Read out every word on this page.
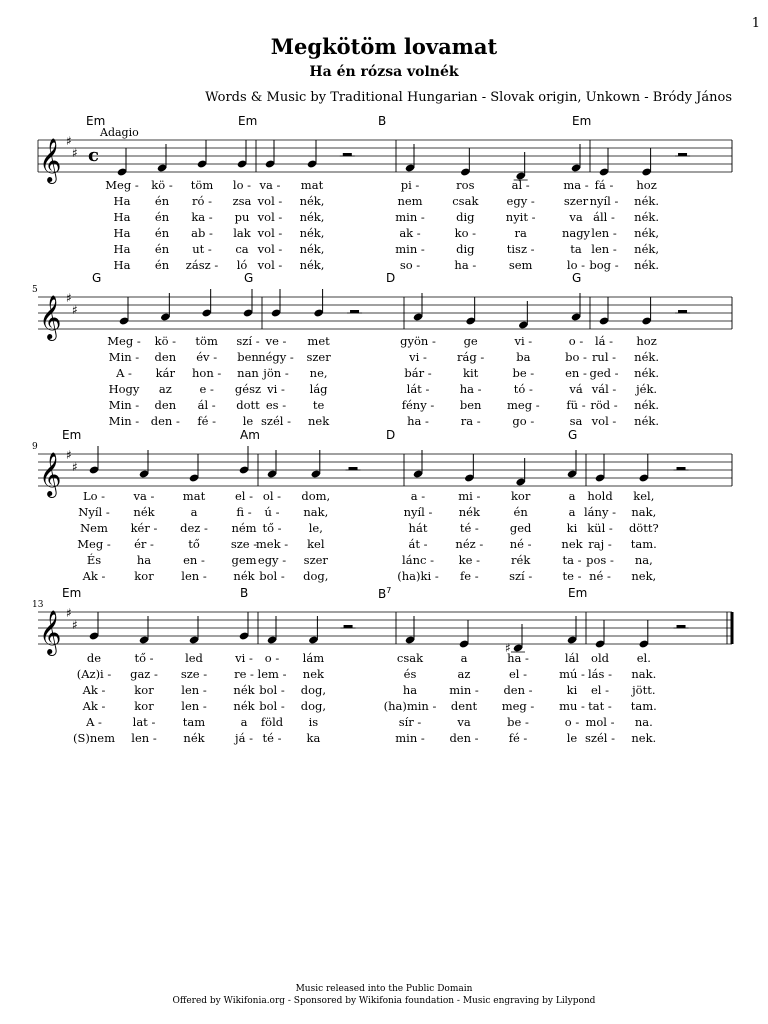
1
Megkötöm lovamat
Ha én rózsa volnék
Words & Music by Traditional Hungarian - Slovak origin, Unkown - Bródy János
𝄞 ♯
♯ c
Adagio
Em	Em	B	Em
Meg - kö - töm lo - va - mat	pi -	ros	al -	ma - fá - hoz
Ha én ró - zsa vol - nék,	nem	csak egy -	szer nyíl - nék.
Ha én ka - pu vol - nék,	min -	dig	nyit -	va áll - nék.
Ha én ab - lak vol - nék,	ak -	ko -	ra	nagy len - nék,
Ha én ut - ca vol - nék,	min -	dig	tisz -	ta len - nék,
Ha én zász - ló vol - nék,	so -	ha -	sem	lo - bog - nék.
𝄞 ♯
♯
5
G	G	D	G
Meg - kö - töm szí - ve - met	gyön - ge	vi -	o - lá - hoz
Min - den év - ben négy - szer	vi -	rág -	ba	bo - rul - nék.
A - kár hon - nan jön - ne,	bár -	kit	be -	en - ged - nék.
Hogy az e - gész vi - lág	lát -	ha -	tó -	vá vál - jék.
Min - den ál - dott es - te	fény - ben meg - fü - röd - nék.
Min - den - fé - le szél - nek	ha -	ra -	go -	sa vol - nék.
𝄞 ♯
♯
9
Em	Am	D	G
Lo - va - mat	el - ol - dom,	a -	mi -	kor	a hold kel,
Nyíl - nék	a	fi - ú - nak,	nyíl - nék	én	a lány - nak,
Nem kér - dez - ném tő - le,	hát	té -	ged	ki kül - dött?
Meg - ér -	tő	sze -
mek - kel	át - néz - né -	nek raj - tam.
És	ha	en - gem egy - szer	lánc - ke -	rék	ta - pos - na,
Ak -	kor len - nék bol - dog,	(ha)ki - fe -	szí -	te - né - nek,
𝄞 ♯
♯
♯
13
Em	B	$B^7$	Em
de	tő -	led	vi - o - lám	csak	a	ha -	lál old el.
(Az)i - gaz - sze - re - lem - nek	és	az	el -	mú - lás - nak.
Ak -	kor len - nék bol - dog,	ha	min - den -	ki el - jött.
Ak -	kor len - nék bol - dog,	(ha)min - dent meg - mu - tat - tam.
A -	lat - tam	a föld is	sír -	va	be -	o - mol - na.
(S)nem len - nék	já - té - ka	min - den -	fé -	le szél - nek.
Music released into the Public Domain
Offered by Wikifonia.org - Sponsored by Wikifonia foundation - Music engraving by Lilypond
